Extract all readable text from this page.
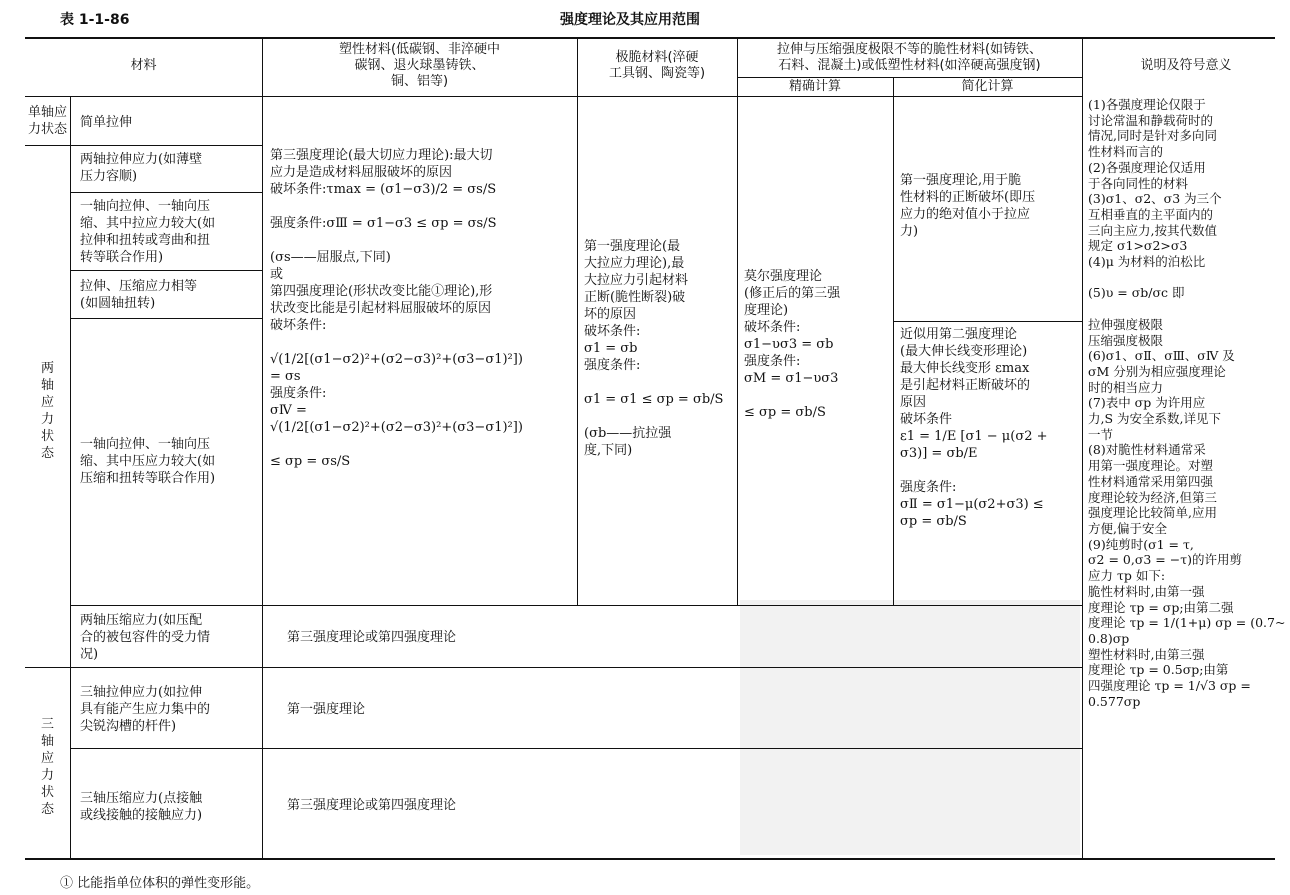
表 1-1-86	强度理论及其应用范围
材料
塑性材料(低碳钢、非淬硬中
碳钢、退火球墨铸铁、
铜、铝等)
极脆材料(淬硬
工具钢、陶瓷等)
拉伸与压缩强度极限不等的脆性材料(如铸铁、
石料、混凝土)或低塑性材料(如淬硬高强度钢)
精确计算	简化计算
说明及符号意义
单轴应
力状态
两
轴
应
力
状
态
三
轴
应
力
状
态
简单拉伸
两轴拉伸应力(如薄壁
压力容顺)
一轴向拉伸、一轴向压
缩、其中拉应力较大(如
拉伸和扭转或弯曲和扭
转等联合作用)
拉伸、压缩应力相等
(如圆轴扭转)
一轴向拉伸、一轴向压
缩、其中压应力较大(如
压缩和扭转等联合作用)
两轴压缩应力(如压配
合的被包容件的受力情
况)
三轴拉伸应力(如拉伸
具有能产生应力集中的
尖锐沟槽的杆件)
三轴压缩应力(点接触
或线接触的接触应力)
第三强度理论(最大切应力理论):最大切
应力是造成材料屈服破坏的原因
破坏条件:τmax = (σ1−σ3)/2 = σs/S

强度条件:σⅢ = σ1−σ3 ≤ σp = σs/S

(σs——屈服点,下同)
或
第四强度理论(形状改变比能①理论),形
状改变比能是引起材料屈服破坏的原因
破坏条件:

√(1/2[(σ1−σ2)²+(σ2−σ3)²+(σ3−σ1)²])
= σs
强度条件:
σⅣ =
√(1/2[(σ1−σ2)²+(σ2−σ3)²+(σ3−σ1)²])

≤ σp = σs/S
第一强度理论(最
大拉应力理论),最
大拉应力引起材料
正断(脆性断裂)破
坏的原因
破坏条件:
σ1 = σb
强度条件:

σ1 = σ1 ≤ σp = σb/S

(σb——抗拉强
度,下同)
莫尔强度理论
(修正后的第三强
度理论)
破坏条件:
σ1−υσ3 = σb
强度条件:
σM = σ1−υσ3

≤ σp = σb/S
第一强度理论,用于脆
性材料的正断破坏(即压
应力的绝对值小于拉应
力)
近似用第二强度理论
(最大伸长线变形理论)
最大伸长线变形 εmax
是引起材料正断破坏的
原因
破坏条件
ε1 = 1/E [σ1 − μ(σ2 +
σ3)] = σb/E

强度条件:
σⅡ = σ1−μ(σ2+σ3) ≤
σp = σb/S
第三强度理论或第四强度理论
第一强度理论
第三强度理论或第四强度理论
(1)各强度理论仅限于
讨论常温和静载荷时的
情况,同时是针对多向同
性材料而言的
(2)各强度理论仅适用
于各向同性的材料
(3)σ1、σ2、σ3 为三个
互相垂直的主平面内的
三向主应力,按其代数值
规定 σ1>σ2>σ3
(4)μ 为材料的泊松比

(5)υ = σb/σc 即

拉伸强度极限
压缩强度极限
(6)σ1、σⅡ、σⅢ、σⅣ 及
σM 分别为相应强度理论
时的相当应力
(7)表中 σp 为许用应
力,S 为安全系数,详见下
一节
(8)对脆性材料通常采
用第一强度理论。对塑
性材料通常采用第四强
度理论较为经济,但第三
强度理论比较简单,应用
方便,偏于安全
(9)纯剪时(σ1 = τ,
σ2 = 0,σ3 = −τ)的许用剪
应力 τp 如下:
脆性材料时,由第一强
度理论 τp = σp;由第二强
度理论 τp = 1/(1+μ) σp = (0.7~
0.8)σp
塑性材料时,由第三强
度理论 τp = 0.5σp;由第
四强度理论 τp = 1/√3 σp =
0.577σp
① 比能指单位体积的弹性变形能。
